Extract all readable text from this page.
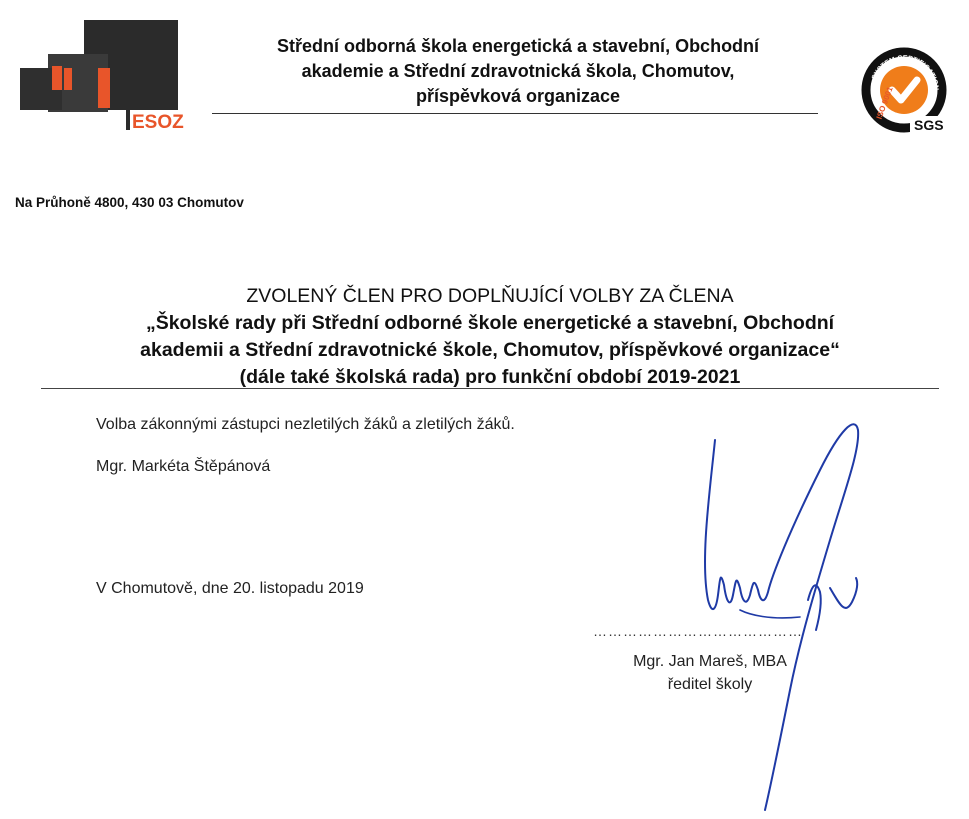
ESOZ
Střední odborná škola energetická a stavební, Obchodní
akademie a Střední zdravotnická škola, Chomutov,
příspěvková organizace
SYSTEM CERTIFICATION
ISO 9001
SGS
Na Průhoně 4800, 430 03 Chomutov
ZVOLENÝ ČLEN PRO DOPLŇUJÍCÍ VOLBY ZA ČLENA
„Školské rady při Střední odborné škole energetické a stavební, Obchodní
akademii a Střední zdravotnické škole, Chomutov, příspěvkové organizace“
(dále také školská rada) pro funkční období 2019-2021
Volba zákonnými zástupci nezletilých žáků a zletilých žáků.
Mgr. Markéta Štěpánová
V Chomutově, dne 20. listopadu 2019
……………………………………
Mgr. Jan Mareš, MBA
ředitel školy
